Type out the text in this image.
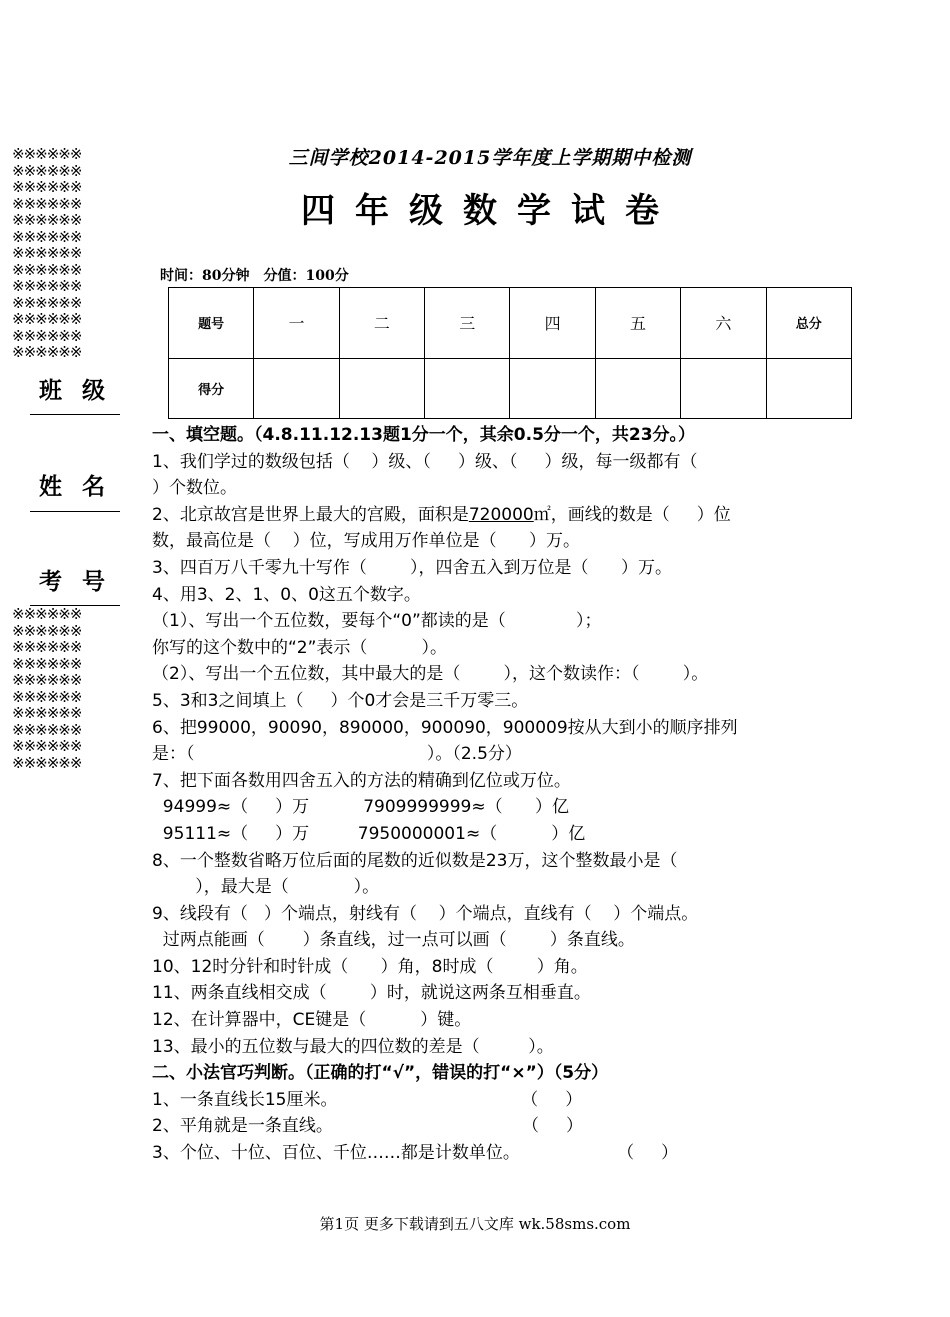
※※※※※※
※※※※※※
※※※※※※
※※※※※※
※※※※※※
※※※※※※
※※※※※※
※※※※※※
※※※※※※
※※※※※※
※※※※※※
※※※※※※
※※※※※※
班 级
姓 名
考 号
※※※※※※
※※※※※※
※※※※※※
※※※※※※
※※※※※※
※※※※※※
※※※※※※
※※※※※※
※※※※※※
※※※※※※
三间学校2014-2015学年度上学期期中检测
四年级数学试卷
时间：80分钟　分值：100分
题号	一	二	三	四	五	六	总分
得分							
一、填空题。（4.8.11.12.13题1分一个，其余0.5分一个，共23分。）
1、我们学过的数级包括（    ）级、（     ）级、（     ）级，每一级都有（
）个数位。
2、北京故宫是世界上最大的宫殿，面积是720000㎡，画线的数是（     ）位
数，最高位是（    ）位，写成用万作单位是（      ）万。
3、四百万八千零九十写作（        ），四舍五入到万位是（      ）万。
4、用3、2、1、0、0这五个数字。
（1）、写出一个五位数，要每个“0”都读的是（             ）；
你写的这个数中的“2”表示（          ）。
（2）、写出一个五位数，其中最大的是（        ），这个数读作：（        ）。
5、3和3之间填上（     ）个0才会是三千万零三。
6、把99000，90090，890000，900090，900009按从大到小的顺序排列
是：（                                           ）。（2.5分）
7、把下面各数用四舍五入的方法的精确到亿位或万位。
94999≈（     ）万          7909999999≈（      ）亿
95111≈（     ）万         7950000001≈（          ）亿
8、一个整数省略万位后面的尾数的近似数是23万，这个整数最小是（
），最大是（            ）。
9、线段有（   ）个端点，射线有（    ）个端点，直线有（    ）个端点。
过两点能画（       ）条直线，过一点可以画（        ）条直线。
10、12时分针和时针成（      ）角，8时成（        ）角。
11、两条直线相交成（        ）时，就说这两条互相垂直。
12、在计算器中，CE键是（          ）键。
13、最小的五位数与最大的四位数的差是（         ）。
二、小法官巧判断。（正确的打“√”，错误的打“×”）（5分）
1、一条直线长15厘米。                                  （     ）
2、平角就是一条直线。                                   （     ）
3、个位、十位、百位、千位……都是计数单位。                  （     ）
第1页 更多下载请到五八文库 wk.58sms.com
